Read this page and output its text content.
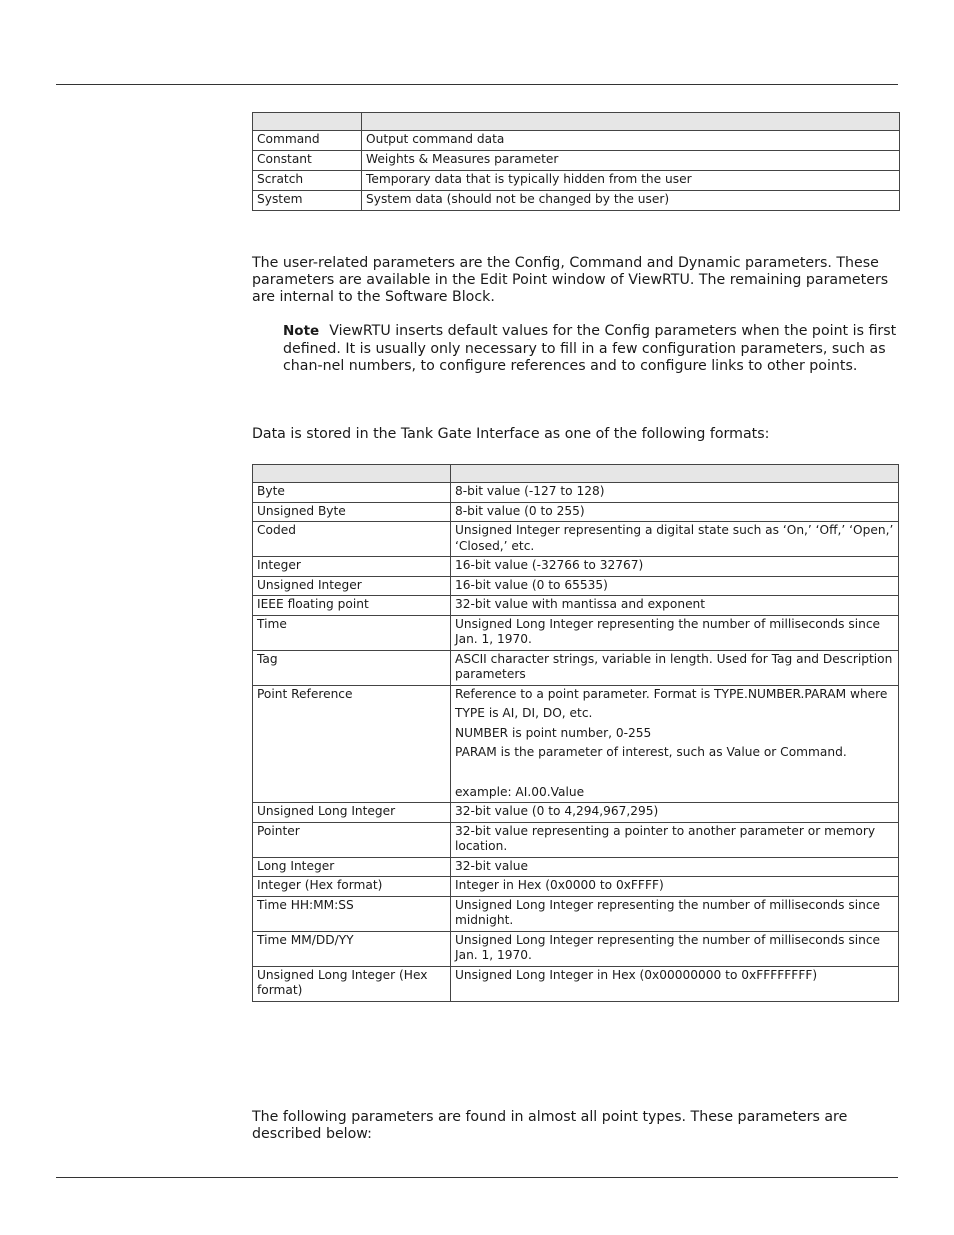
Command	Output command data
Constant	Weights & Measures parameter
Scratch	Temporary data that is typically hidden from the user
System	System data (should not be changed by the user)

The user-related parameters are the Config, Command and Dynamic parameters. These parameters are available in the Edit Point window of ViewRTU. The remaining parameters are internal to the Software Block.

Note ViewRTU inserts default values for the Config parameters when the point is first defined. It is usually only necessary to fill in a few configuration parameters, such as chan-nel numbers, to configure references and to configure links to other points.

Data is stored in the Tank Gate Interface as one of the following formats:

Byte	8-bit value (-127 to 128)
Unsigned Byte	8-bit value (0 to 255)
Coded	Unsigned Integer representing a digital state such as ‘On,’ ‘Off,’ ‘Open,’ ‘Closed,’ etc.
Integer	16-bit value (-32766 to 32767)
Unsigned Integer	16-bit value (0 to 65535)
IEEE floating point	32-bit value with mantissa and exponent
Time	Unsigned Long Integer representing the number of milliseconds since Jan. 1, 1970.
Tag	ASCII character strings, variable in length. Used for Tag and Description parameters
Point Reference	Reference to a point parameter. Format is TYPE.NUMBER.PARAM where
TYPE is AI, DI, DO, etc.
NUMBER is point number, 0-255
PARAM is the parameter of interest, such as Value or Command.
example: AI.00.Value

Unsigned Long Integer	32-bit value (0 to 4,294,967,295)
Pointer	32-bit value representing a pointer to another parameter or memory location.
Long Integer	32-bit value
Integer (Hex format)	Integer in Hex (0x0000 to 0xFFFF)
Time HH:MM:SS	Unsigned Long Integer representing the number of milliseconds since midnight.
Time MM/DD/YY	Unsigned Long Integer representing the number of milliseconds since Jan. 1, 1970.
Unsigned Long Integer (Hex format)	Unsigned Long Integer in Hex (0x00000000 to 0xFFFFFFFF)

The following parameters are found in almost all point types. These parameters are described below:
